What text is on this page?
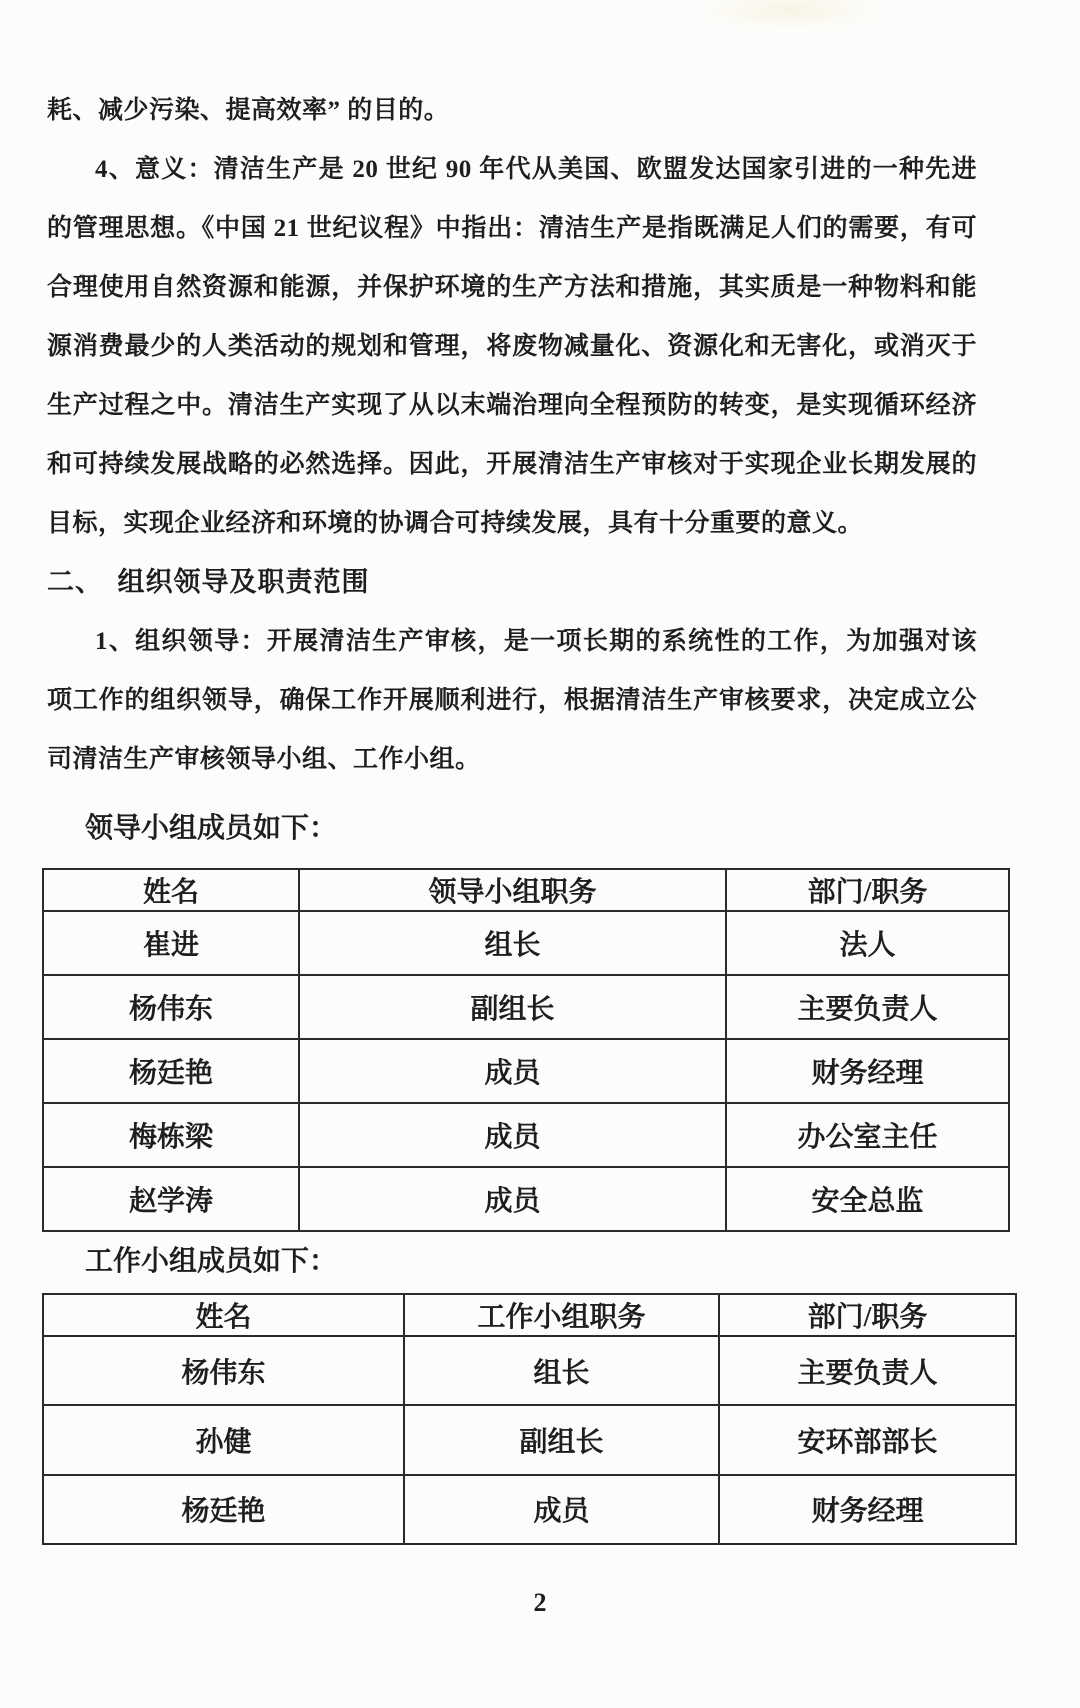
耗、减少污染、提高效率” 的目的。

4、意义：清洁生产是 20 世纪 90 年代从美国、欧盟发达国家引进的一种先进

的管理思想。《中国 21 世纪议程》中指出：清洁生产是指既满足人们的需要，有可

合理使用自然资源和能源，并保护环境的生产方法和措施，其实质是一种物料和能

源消费最少的人类活动的规划和管理，将废物减量化、资源化和无害化，或消灭于

生产过程之中。清洁生产实现了从以末端治理向全程预防的转变，是实现循环经济

和可持续发展战略的必然选择。因此，开展清洁生产审核对于实现企业长期发展的

目标，实现企业经济和环境的协调合可持续发展，具有十分重要的意义。

二、　组织领导及职责范围

1、组织领导：开展清洁生产审核，是一项长期的系统性的工作，为加强对该

项工作的组织领导，确保工作开展顺利进行，根据清洁生产审核要求，决定成立公

司清洁生产审核领导小组、工作小组。

领导小组成员如下：

姓名	领导小组职务	部门/职务
崔进	组长	法人
杨伟东	副组长	主要负责人
杨廷艳	成员	财务经理
梅栋梁	成员	办公室主任
赵学涛	成员	安全总监

工作小组成员如下：

姓名	工作小组职务	部门/职务
杨伟东	组长	主要负责人
孙健	副组长	安环部部长
杨廷艳	成员	财务经理
2
